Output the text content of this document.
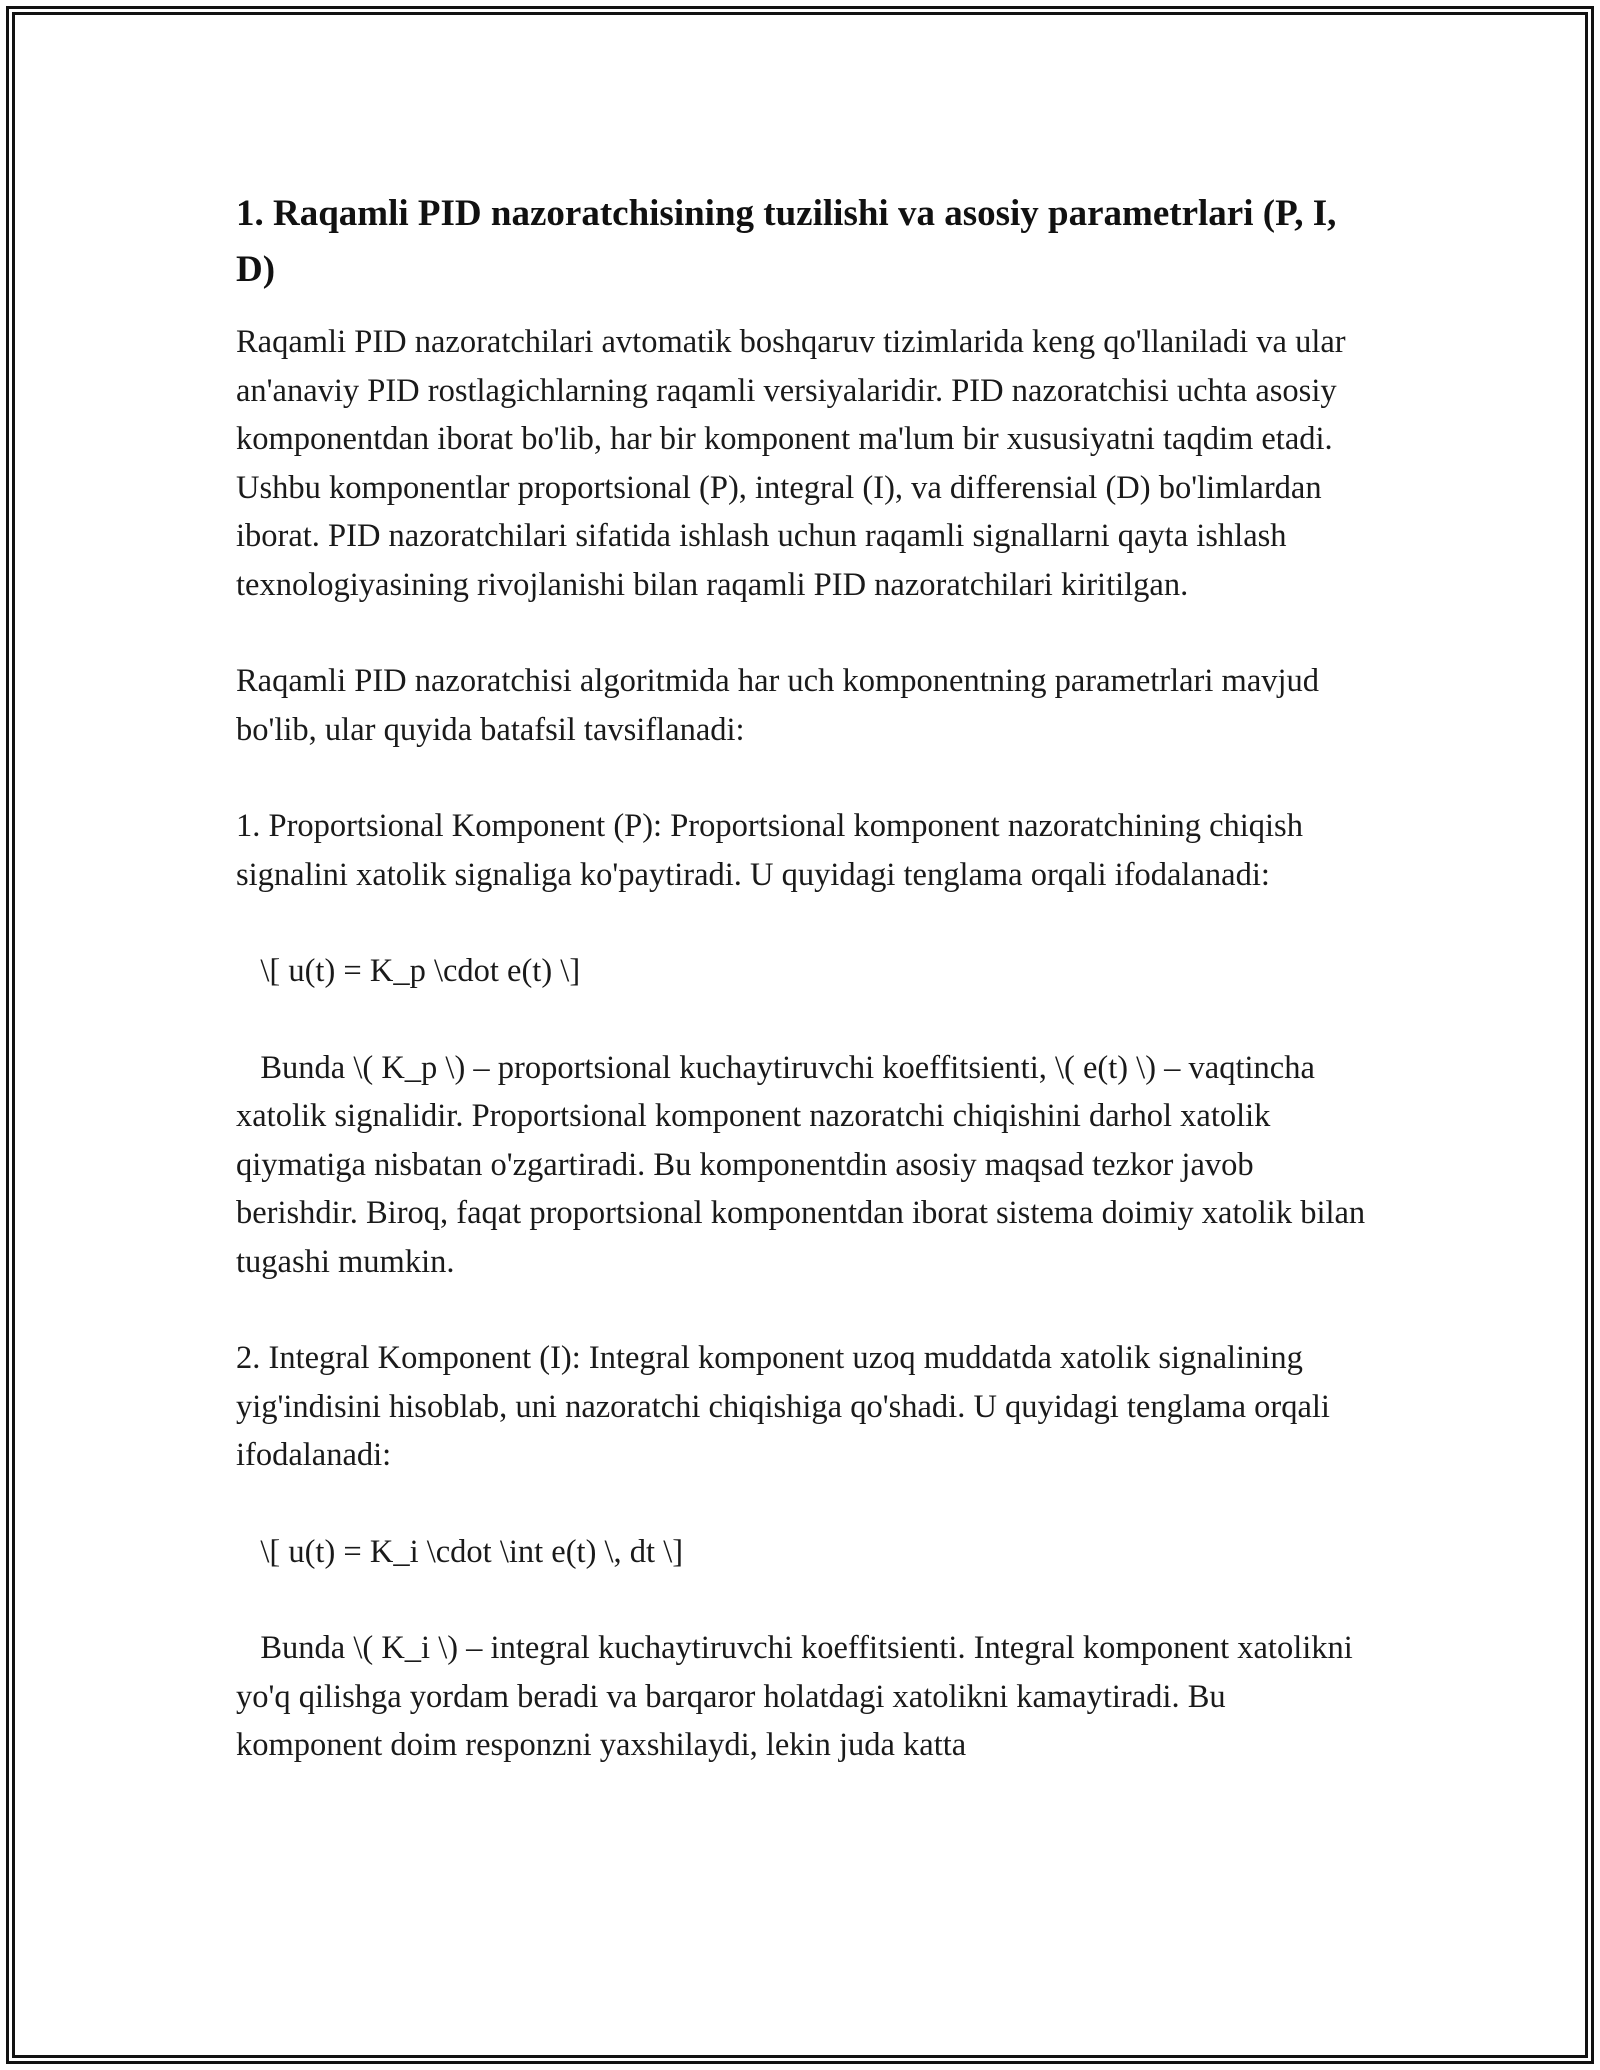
1. Raqamli PID nazoratchisining tuzilishi va asosiy parametrlari (P, I, D)

Raqamli PID nazoratchilari avtomatik boshqaruv tizimlarida keng qo'llaniladi va ular an'anaviy PID rostlagichlarning raqamli versiyalaridir. PID nazoratchisi uchta asosiy komponentdan iborat bo'lib, har bir komponent ma'lum bir xususiyatni taqdim etadi. Ushbu komponentlar proportsional (P), integral (I), va differensial (D) bo'limlardan iborat. PID nazoratchilari sifatida ishlash uchun raqamli signallarni qayta ishlash texnologiyasining rivojlanishi bilan raqamli PID nazoratchilari kiritilgan.

Raqamli PID nazoratchisi algoritmida har uch komponentning parametrlari mavjud bo'lib, ular quyida batafsil tavsiflanadi:

1. Proportsional Komponent (P): Proportsional komponent nazoratchining chiqish signalini xatolik signaliga ko'paytiradi. U quyidagi tenglama orqali ifodalanadi:

\[ u(t) = K_p \cdot e(t) \]

Bunda \( K_p \) – proportsional kuchaytiruvchi koeffitsienti, \( e(t) \) – vaqtincha xatolik signalidir. Proportsional komponent nazoratchi chiqishini darhol xatolik qiymatiga nisbatan o'zgartiradi. Bu komponentdin asosiy maqsad tezkor javob berishdir. Biroq, faqat proportsional komponentdan iborat sistema doimiy xatolik bilan tugashi mumkin.

2. Integral Komponent (I): Integral komponent uzoq muddatda xatolik signalining yig'indisini hisoblab, uni nazoratchi chiqishiga qo'shadi. U quyidagi tenglama orqali ifodalanadi:

\[ u(t) = K_i \cdot \int e(t) \, dt \]

Bunda \( K_i \) – integral kuchaytiruvchi koeffitsienti. Integral komponent xatolikni yo'q qilishga yordam beradi va barqaror holatdagi xatolikni kamaytiradi. Bu komponent doim responzni yaxshilaydi, lekin juda katta
